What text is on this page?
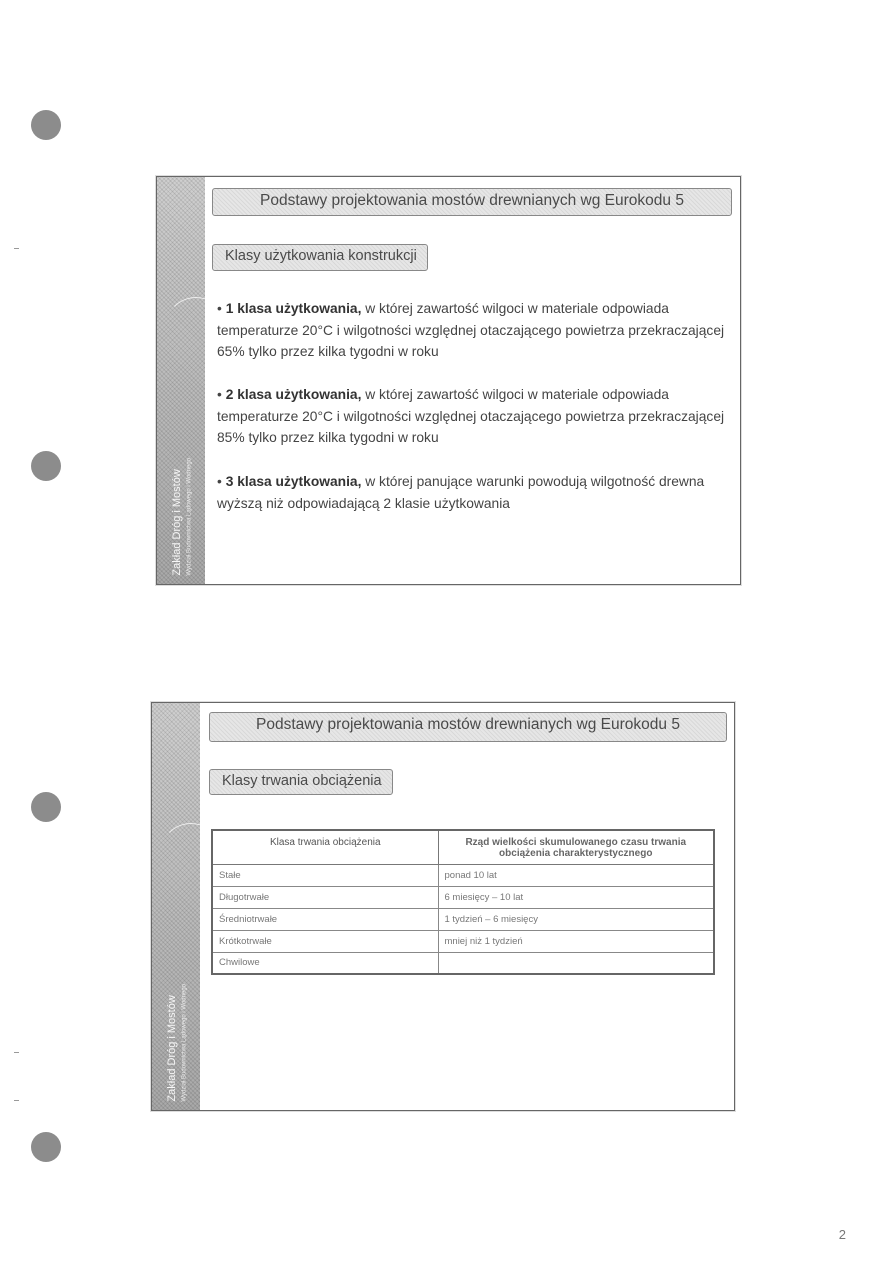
Zakład Dróg i Mostów Wydział Budownictwa Lądowego i Wodnego
Podstawy projektowania mostów drewnianych wg Eurokodu 5
Klasy użytkowania konstrukcji
• 1 klasa użytkowania, w której zawartość wilgoci w materiale odpowiada temperaturze 20°C i wilgotności względnej otaczającego powietrza przekraczającej 65% tylko przez kilka tygodni w roku
• 2 klasa użytkowania, w której zawartość wilgoci w materiale odpowiada temperaturze 20°C i wilgotności względnej otaczającego powietrza przekraczającej 85% tylko przez kilka tygodni w roku
• 3 klasa użytkowania, w której panujące warunki powodują wilgotność drewna wyższą niż odpowiadającą 2 klasie użytkowania
Zakład Dróg i Mostów Wydział Budownictwa Lądowego i Wodnego
Podstawy projektowania mostów drewnianych wg Eurokodu 5
Klasy trwania obciążenia
Klasa trwania obciążenia	Rząd wielkości skumulowanego czasu trwania obciążenia charakterystycznego
Stałe	ponad 10 lat
Długotrwałe	6 miesięcy – 10 lat
Średniotrwałe	1 tydzień – 6 miesięcy
Krótkotrwałe	mniej niż 1 tydzień
Chwilowe	
2
